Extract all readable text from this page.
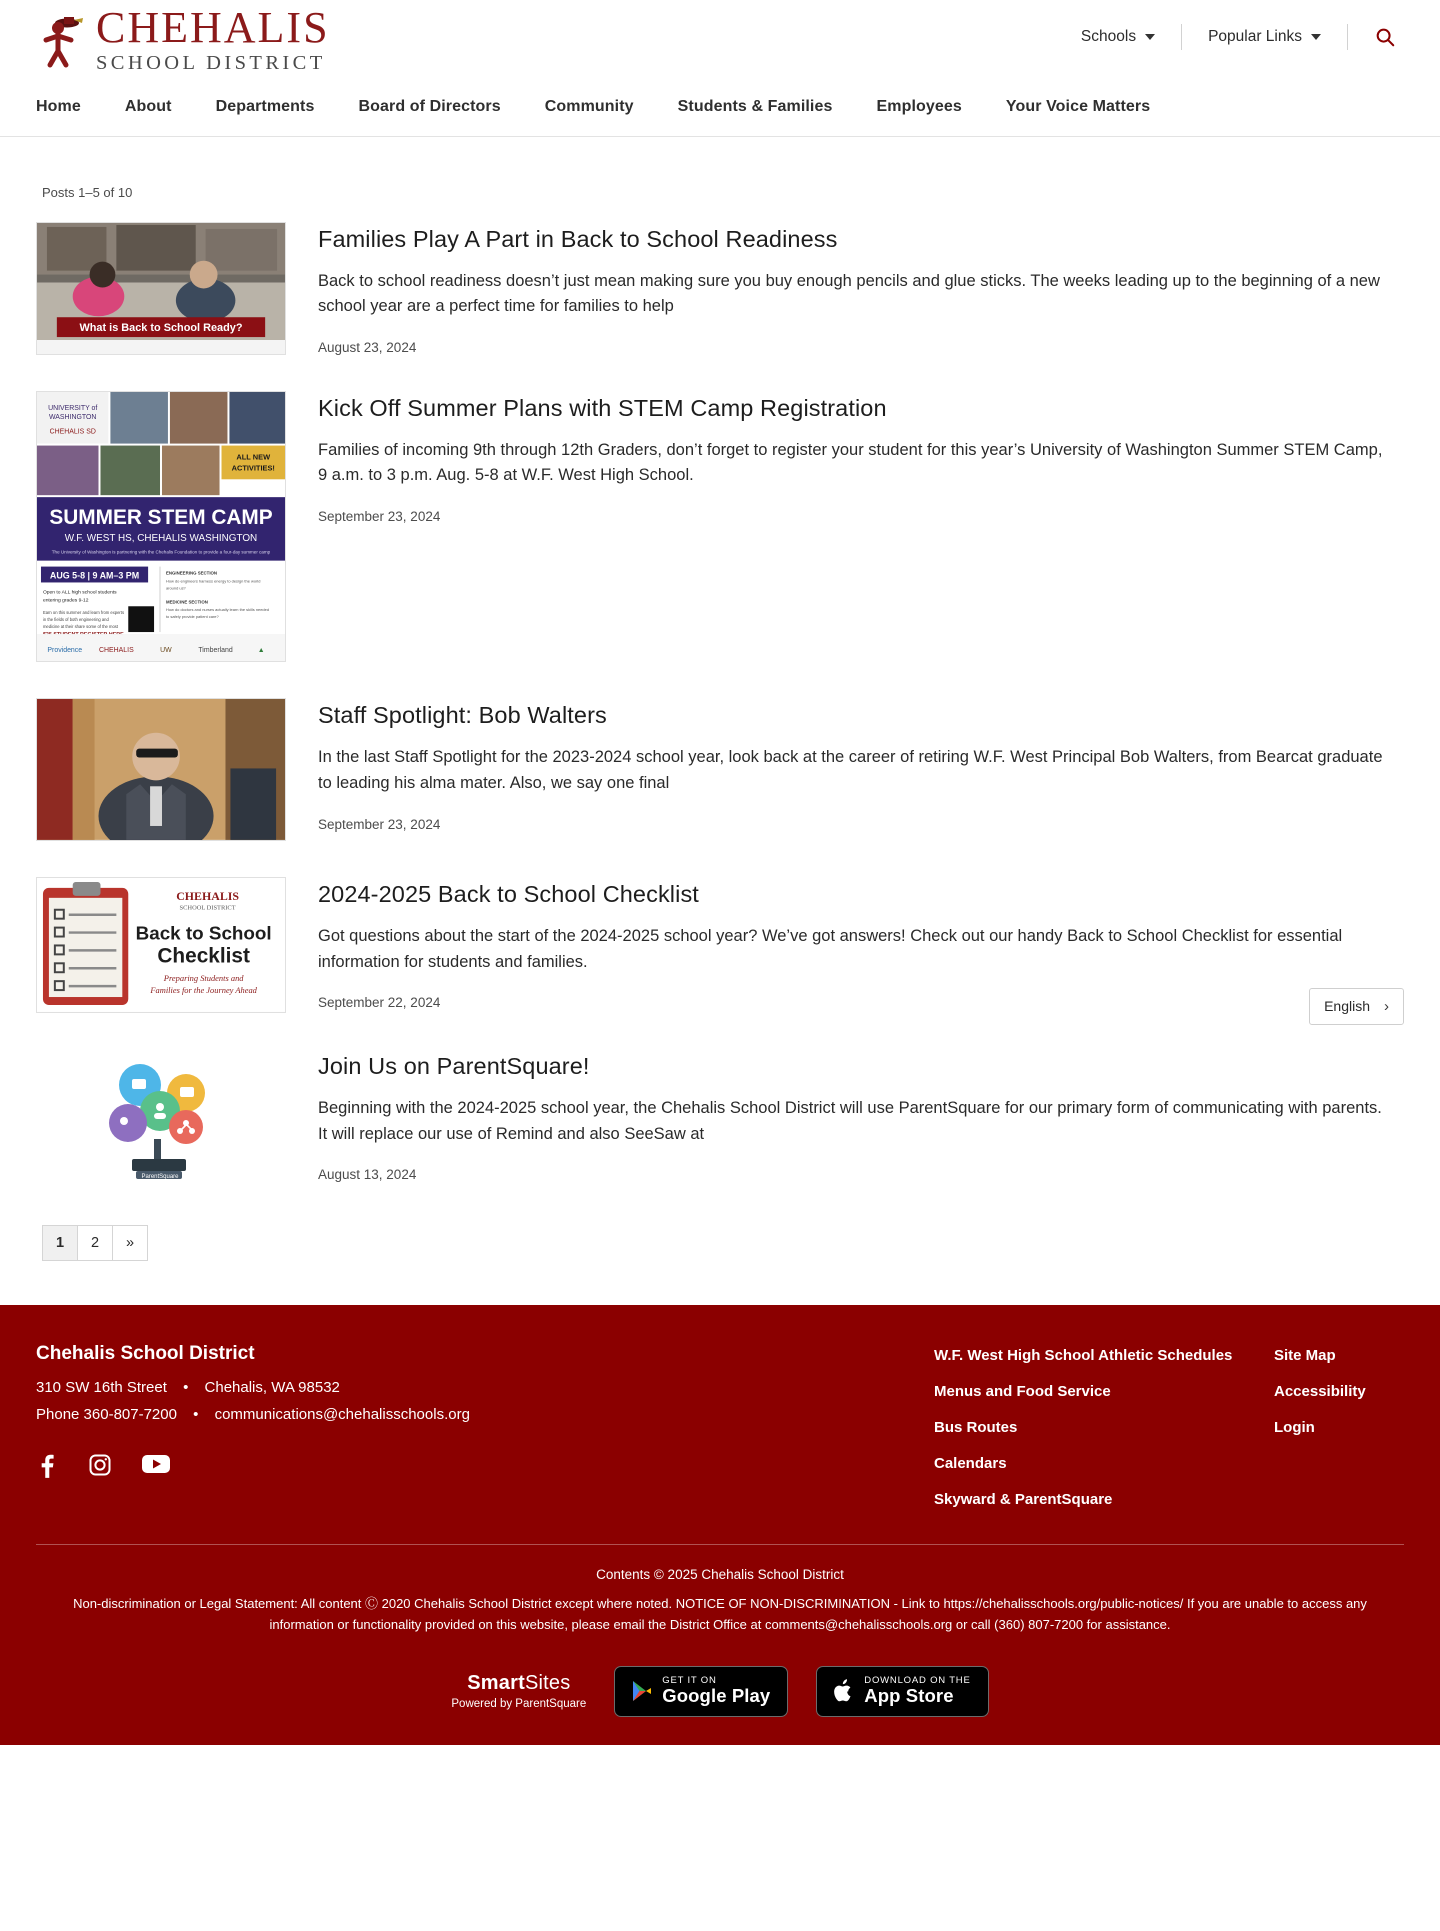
Schools	Popular Links
CHEHALIS
SCHOOL DISTRICT
Home	About	Departments	Board of Directors	Community	Students & Families	Employees	Your Voice Matters
Posts 1–5 of 10
English ›
What is Back to School Ready?
Families Play A Part in Back to School Readiness

Back to school readiness doesn’t just mean making sure you buy enough pencils and glue sticks. The weeks leading up to the beginning of a new school year are a perfect time for families to help

August 23, 2024
UNIVERSITY of
WASHINGTON
CHEHALIS SD
ALL NEW
ACTIVITIES!
SUMMER STEM CAMP
W.F. WEST HS, CHEHALIS WASHINGTON
The University of Washington is partnering with the Chehalis Foundation to provide a four-day summer camp
AUG 5-8 | 9 AM–3 PM
Open to ALL high school students
entering grades 9-12
Earn on this summer and learn from experts
in the fields of both engineering and
medicine at their share some of the most
ENGINEERING SECTION
How do engineers harness energy to design the world
around us?
MEDICINE SECTION
How do doctors and nurses actually learn the skills needed
to safely provide patient care?
Providence CHEHALIS	UW	Timberland	▲
Kick Off Summer Plans with STEM Camp Registration

Families of incoming 9th through 12th Graders, don’t forget to register your student for this year’s University of Washington Summer STEM Camp, 9 a.m. to 3 p.m. Aug. 5-8 at W.F. West High School.

September 23, 2024
Staff Spotlight: Bob Walters

In the last Staff Spotlight for the 2023-2024 school year, look back at the career of retiring W.F. West Principal Bob Walters, from Bearcat graduate to leading his alma mater. Also, we say one final

September 23, 2024
CHEHALIS
SCHOOL DISTRICT
Back to School
Checklist
Preparing Students and
Families for the Journey Ahead
2024-2025 Back to School Checklist

Got questions about the start of the 2024-2025 school year? We’ve got answers! Check out our handy Back to School Checklist for essential information for students and families.

September 22, 2024
ParentSquare
Join Us on ParentSquare!

Beginning with the 2024-2025 school year, the Chehalis School District will use ParentSquare for our primary form of communicating with parents. It will replace our use of Remind and also SeeSaw at

August 13, 2024
1	2	»
Chehalis School District
310 SW 16th Street • Chehalis, WA 98532
Phone 360-807-7200 • communications@chehalisschools.org
W.F. West High School Athletic Schedules
Menus and Food Service
Bus Routes
Calendars
Skyward & ParentSquare
Site Map
Accessibility
Login
Contents © 2025 Chehalis School District
Non-discrimination or Legal Statement: All content Ⓒ 2020 Chehalis School District except where noted. NOTICE OF NON-DISCRIMINATION - Link to https://chehalisschools.org/public-notices/ If you are unable to access any information or functionality provided on this website, please email the District Office at comments@chehalisschools.org or call (360) 807-7200 for assistance.
SmartSites
Powered by ParentSquare
GET IT ON
Google Play
DOWNLOAD ON THE
App Store
